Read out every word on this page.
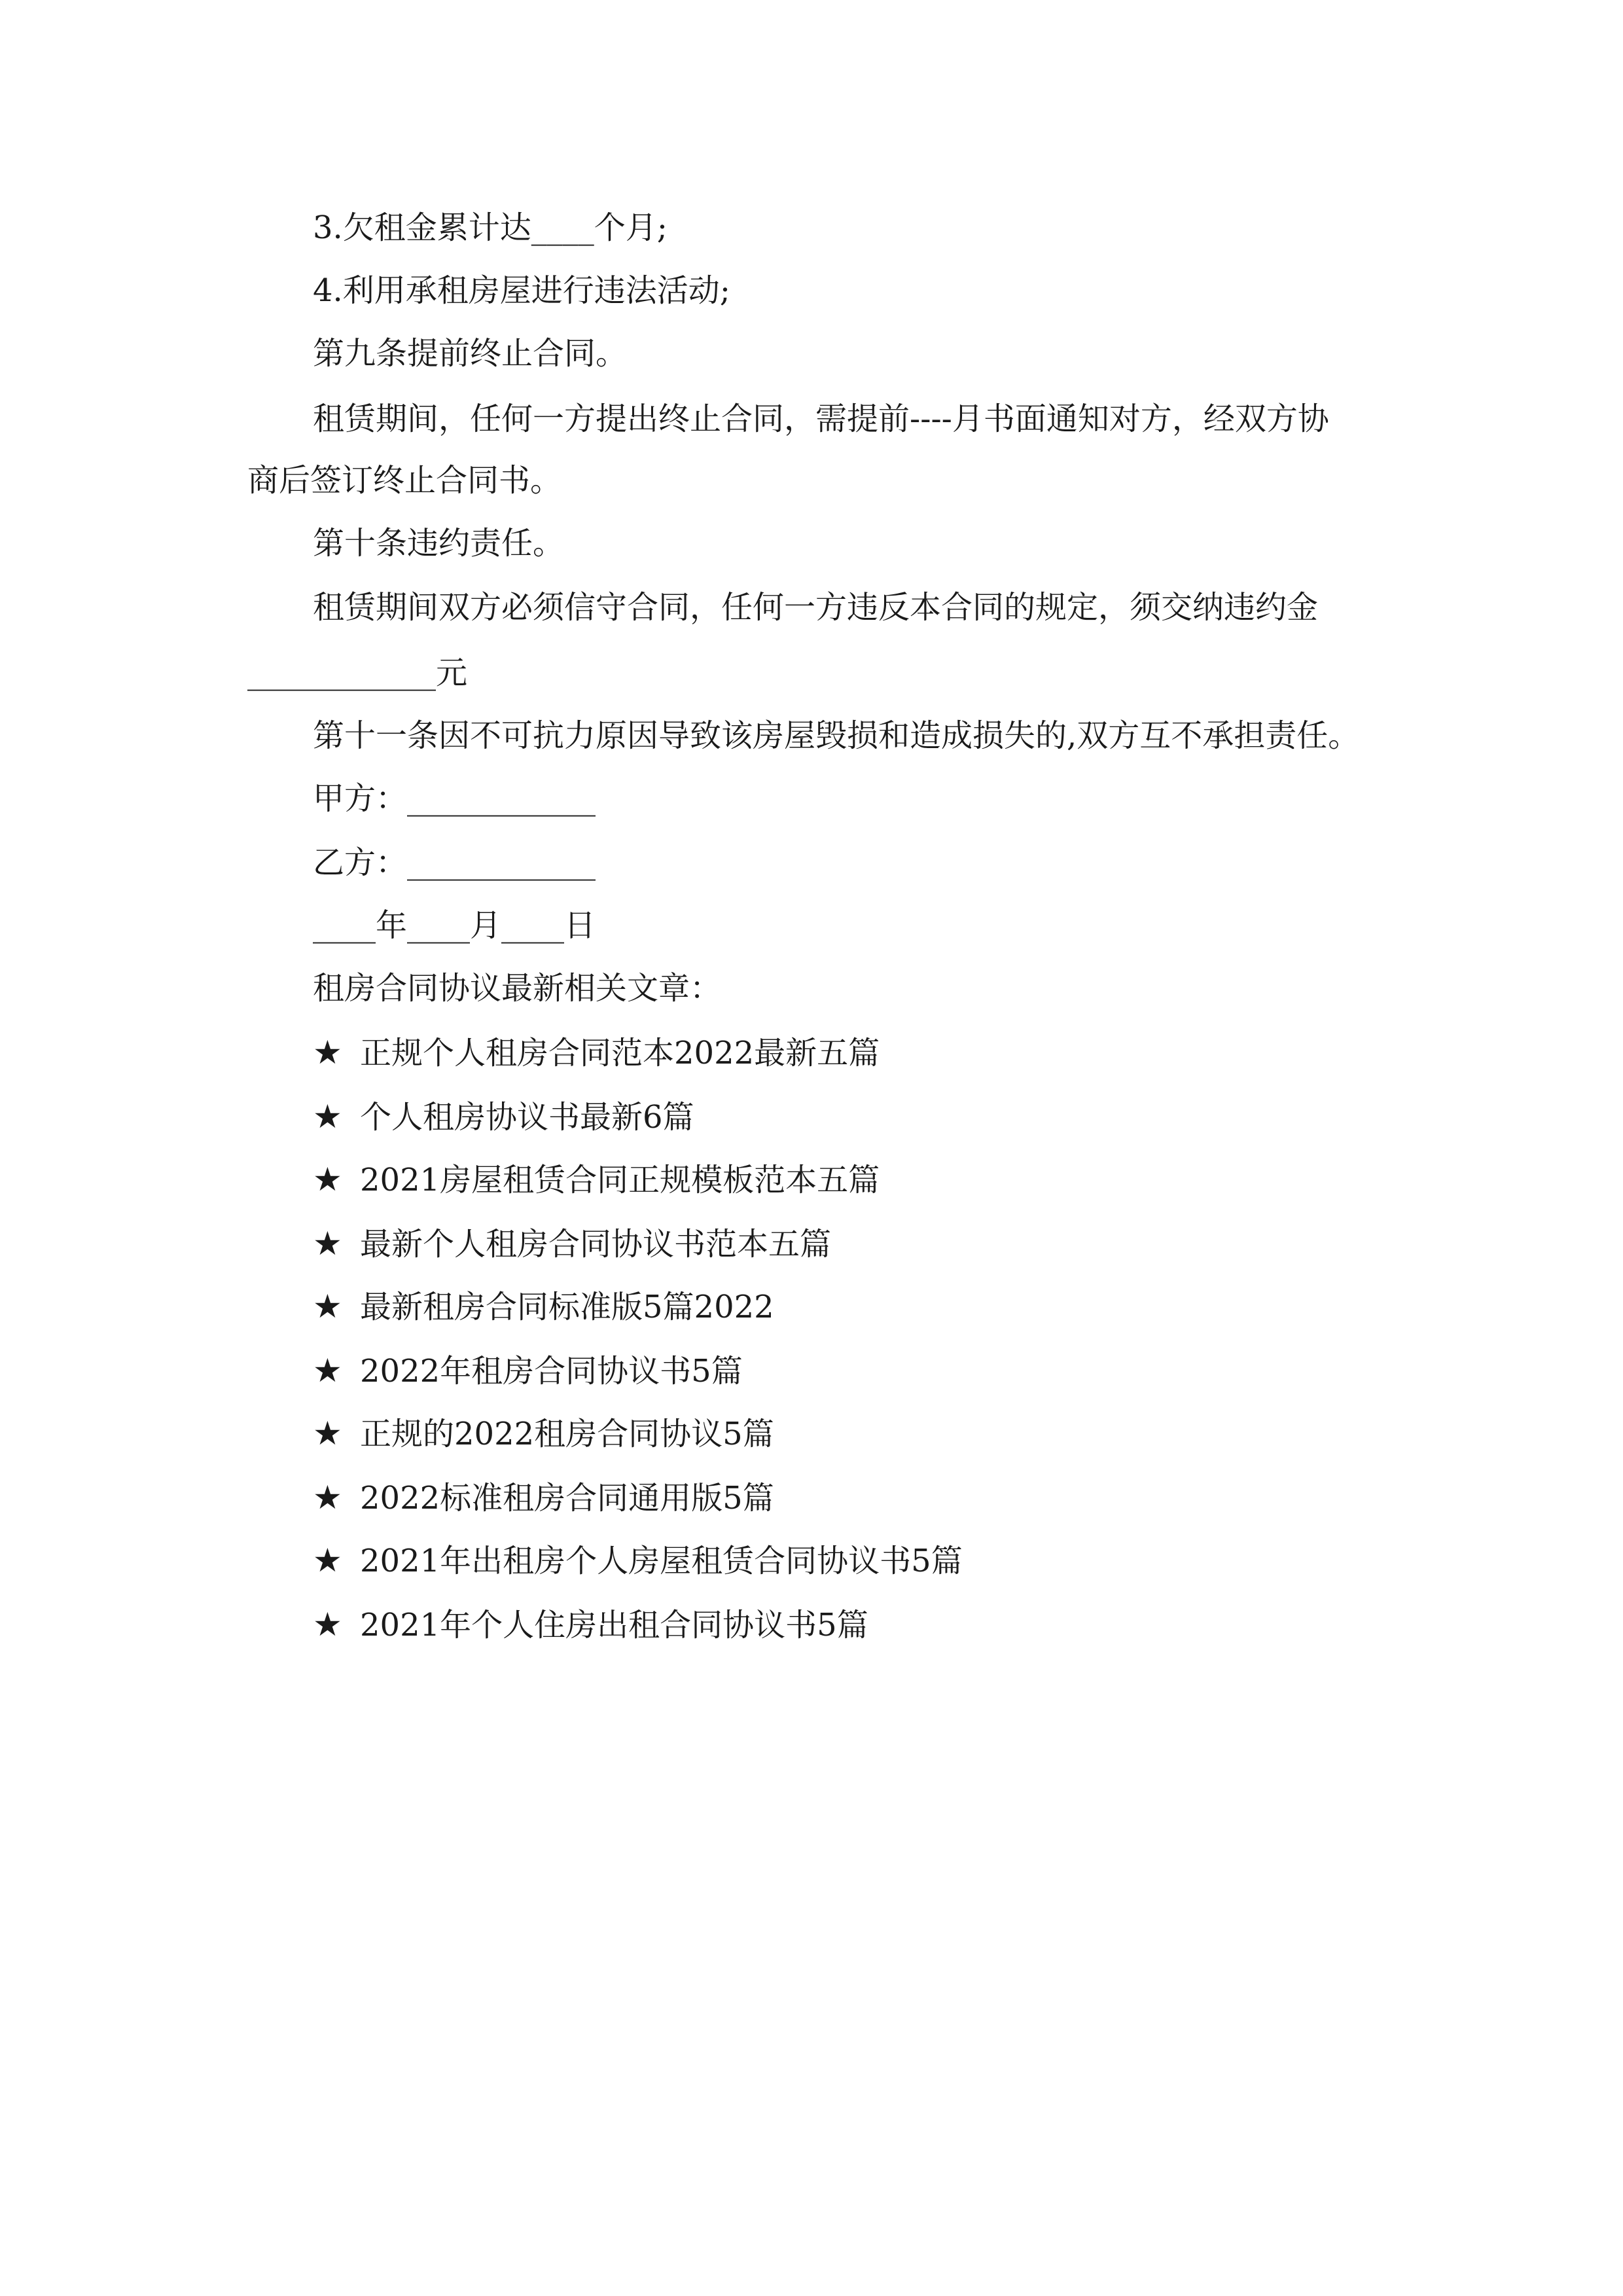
3.欠租金累计达____个月;
4.利用承租房屋进行违法活动;
第九条提前终止合同。
租赁期间，任何一方提出终止合同，需提前----月书面通知对方，经双方协
商后签订终止合同书。
第十条违约责任。
租赁期间双方必须信守合同，任何一方违反本合同的规定，须交纳违约金
____________元
第十一条因不可抗力原因导致该房屋毁损和造成损失的,双方互不承担责任。
甲方：____________
乙方：____________
____年____月____日
租房合同协议最新相关文章：
★ 正规个人租房合同范本2022最新五篇
★ 个人租房协议书最新6篇
★ 2021房屋租赁合同正规模板范本五篇
★ 最新个人租房合同协议书范本五篇
★ 最新租房合同标准版5篇2022
★ 2022年租房合同协议书5篇
★ 正规的2022租房合同协议5篇
★ 2022标准租房合同通用版5篇
★ 2021年出租房个人房屋租赁合同协议书5篇
★ 2021年个人住房出租合同协议书5篇
